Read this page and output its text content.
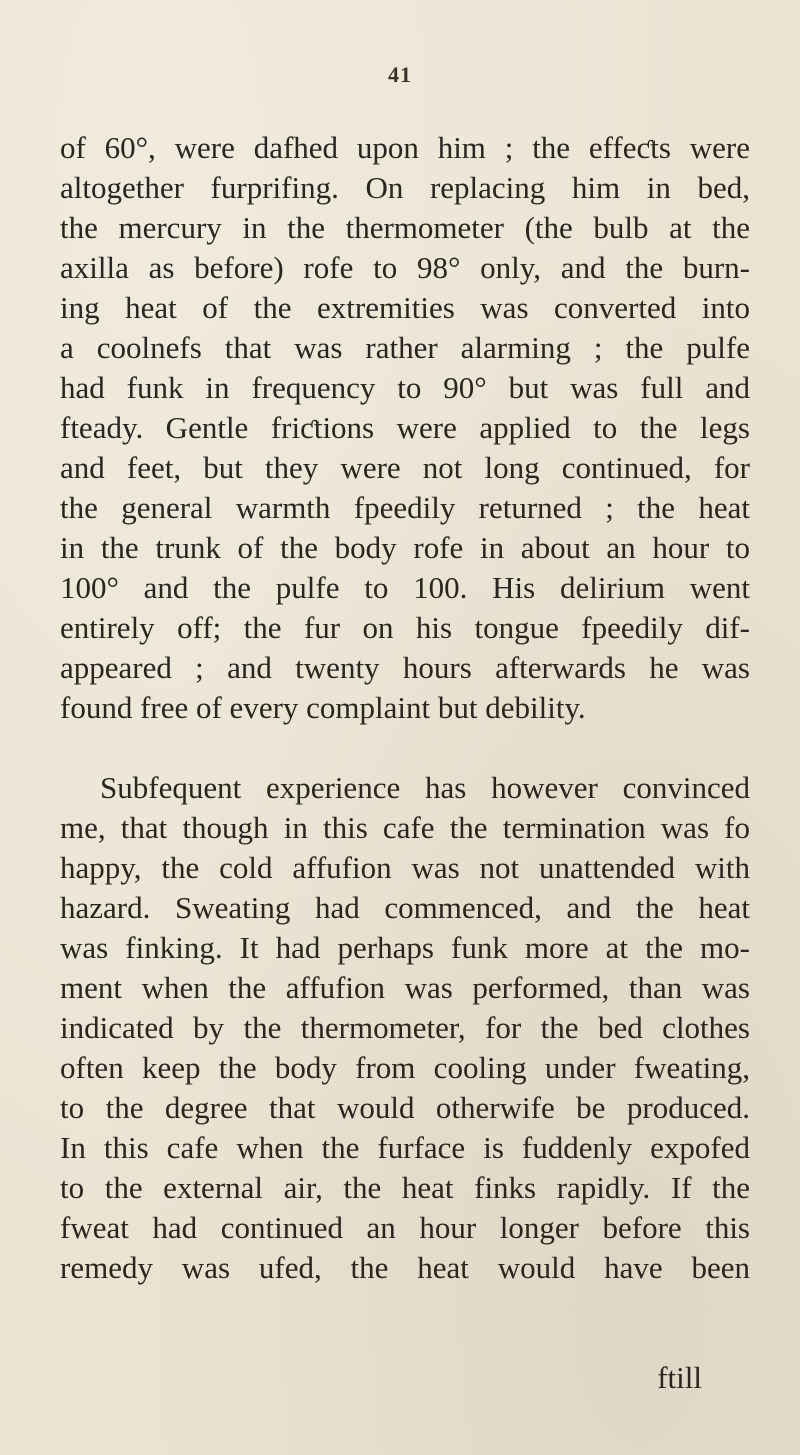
41
of 60°, were dafhed upon him ; the effeƈts were
altogether furprifing. On replacing him in bed,
the mercury in the thermometer (the bulb at the
axilla as before) rofe to 98° only, and the burn-
ing heat of the extremities was converted into
a coolnefs that was rather alarming ; the pulfe
had funk in frequency to 90° but was full and
fteady. Gentle friƈtions were applied to the legs
and feet, but they were not long continued, for
the general warmth fpeedily returned ; the heat
in the trunk of the body rofe in about an hour to
100° and the pulfe to 100. His delirium went
entirely off; the fur on his tongue fpeedily dif-
appeared ; and twenty hours afterwards he was
found free of every complaint but debility.
Subfequent experience has however convinced
me, that though in this cafe the termination was fo
happy, the cold affufion was not unattended with
hazard. Sweating had commenced, and the heat
was finking. It had perhaps funk more at the mo-
ment when the affufion was performed, than was
indicated by the thermometer, for the bed clothes
often keep the body from cooling under fweating,
to the degree that would otherwife be produced.
In this cafe when the furface is fuddenly expofed
to the external air, the heat finks rapidly. If the
fweat had continued an hour longer before this
remedy was ufed, the heat would have been
ftill
